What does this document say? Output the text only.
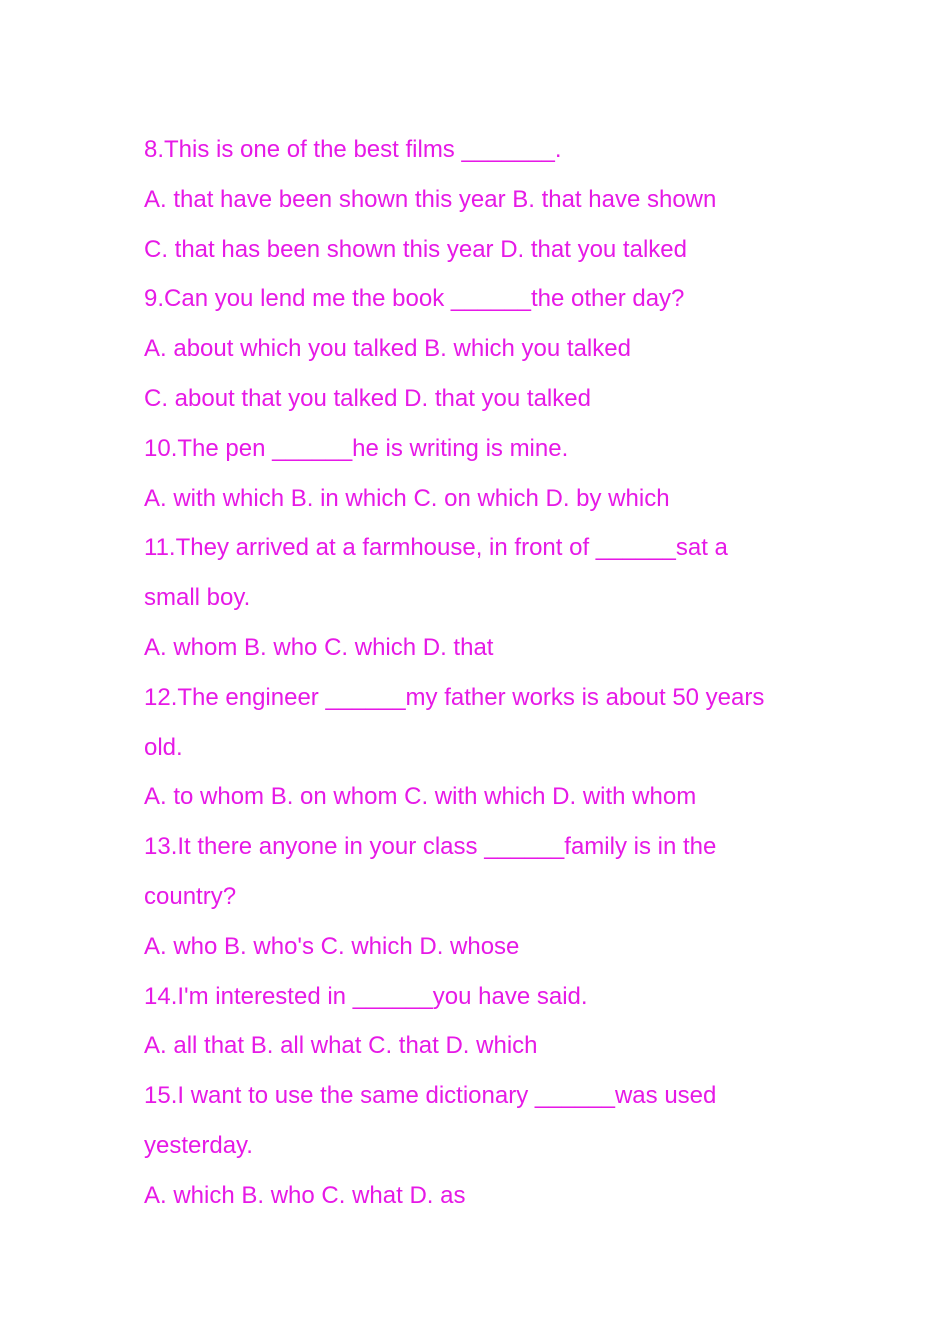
8.This is one of the best films _______.

A. that have been shown this year B. that have shown

C. that has been shown this year D. that you talked

9.Can you lend me the book ______the other day?

A. about which you talked B. which you talked

C. about that you talked D. that you talked

10.The pen ______he is writing is mine.

A. with which B. in which C. on which D. by which

11.They arrived at a farmhouse, in front of ______sat a

small boy.

A. whom B. who C. which D. that

12.The engineer ______my father works is about 50 years

old.

A. to whom B. on whom C. with which D. with whom

13.It there anyone in your class ______family is in the

country?

A. who B. who's C. which D. whose

14.I'm interested in ______you have said.

A. all that B. all what C. that D. which

15.I want to use the same dictionary ______was used

yesterday.

A. which B. who C. what D. as
